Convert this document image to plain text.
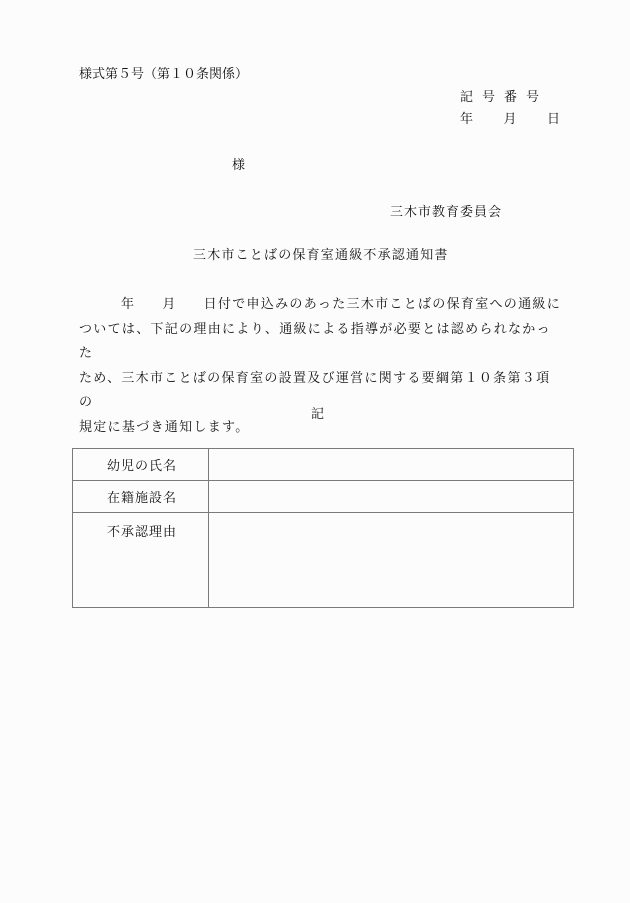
様式第５号（第１０条関係）
記号番号
年 月 日
様
三木市教育委員会
三木市ことばの保育室通級不承認通知書

年 月 日付で申込みのあった三木市ことばの保育室への通級に

ついては、下記の理由により、通級による指導が必要とは認められなかった

ため、三木市ことばの保育室の設置及び運営に関する要綱第１０条第３項の

規定に基づき通知します。

記
幼児の氏名	
在籍施設名	
不承認理由	
